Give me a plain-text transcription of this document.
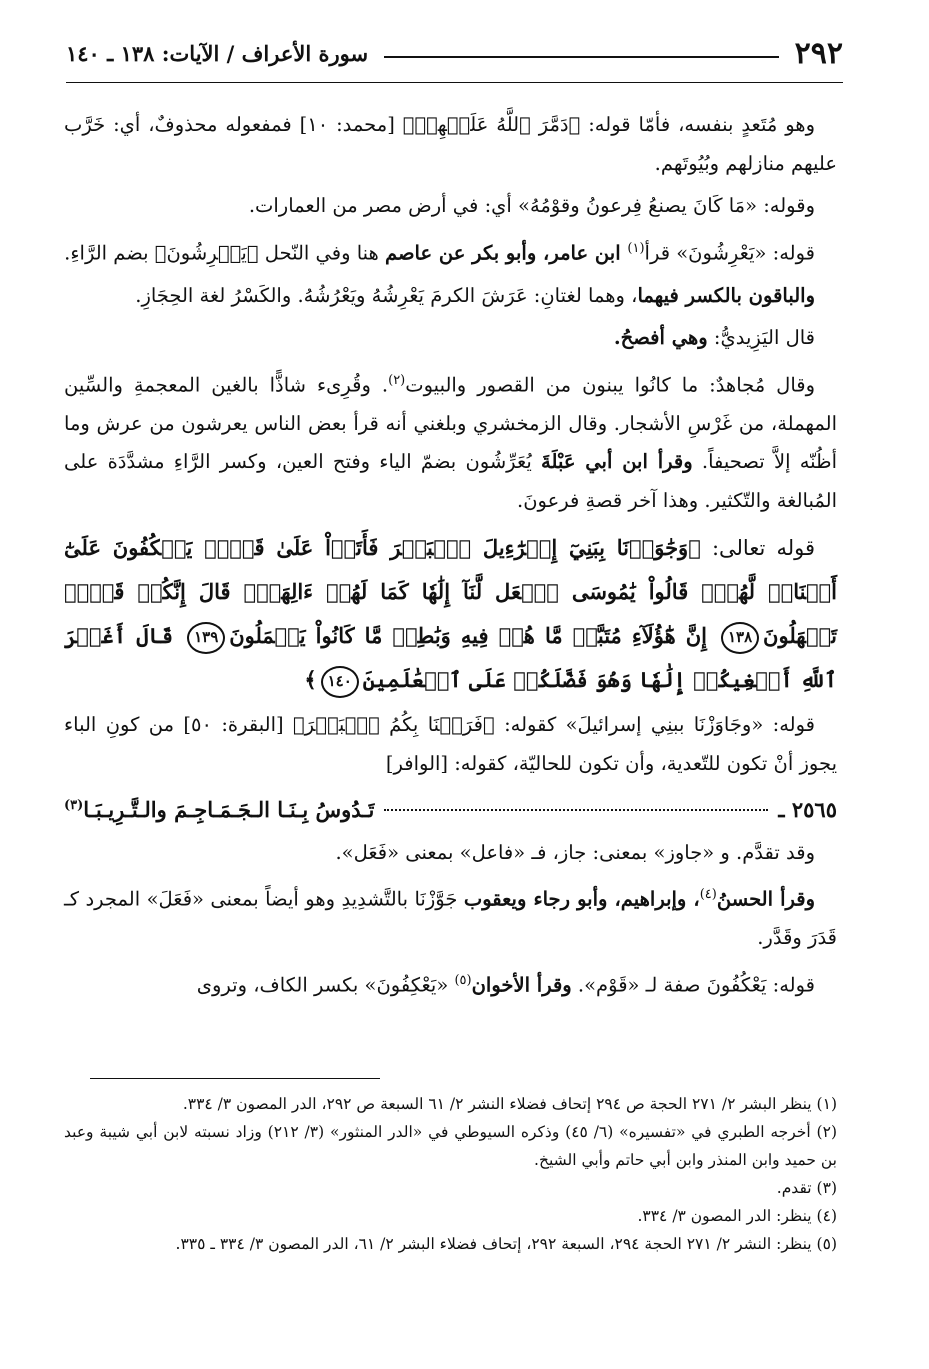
٢٩٢
سورة الأعراف / الآيات: ١٣٨ ـ ١٤٠

وهو مُتَعدٍ بنفسه، فأمّا قوله: ﴿دَمَّرَ ٱللَّهُ عَلَيۡهِمۡ﴾ [محمد: ١٠] فمفعوله محذوفٌ، أي: خَرَّب عليهم منازلهم وبُيُوتَهم.

وقوله: «مَا كَانَ يصنعُ فِرعونُ وقوْمُهُ» أي: في أرض مصر من العمارات.

قوله: «يَعْرِشُونَ» قرأ$^{(١)}$ ابن عامر، وأبو بكر عن عاصم هنا وفي النّحل ﴿يَعۡرِشُونَ﴾ بضم الرَّاءِ.

والباقون بالكسر فيهما، وهما لغتانِ: عَرَشَ الكرمَ يَعْرِشُهُ ويَعْرُشُهُ. والكَسْرُ لغة الحِجَازِ.

قال اليَزِيديُّ: وهي أفصحُ.

وقال مُجاهدٌ: ما كانُوا يبنون من القصور والبيوت$^{(٢)}$. وقُرِىء شاذًّا بالغين المعجمةِ والسِّين المهملة، من غَرْسِ الأشجار. وقال الزمخشري وبلغني أنه قرأ بعض الناس يعرشون من عرش وما أظُنّه إلاَّ تصحيفاً. وقرأ ابن أبي عَبْلَةَ يُعَرِّشُون بضمّ الياء وفتح العين، وكسر الرَّاءِ مشدَّدَة على المُبالغة والتّكثير. وهذا آخر قصةِ فرعونَ.

قوله تعالى: ﴿وَجَٰوَزۡنَا بِبَنِيٓ إِسۡرَٰٓءِيلَ ٱلۡبَحۡرَ فَأَتَوۡاْ عَلَىٰ قَوۡمٖ يَعۡكُفُونَ عَلَىٰٓ أَصۡنَامٖ لَّهُمۡۚ قَالُواْ يَٰمُوسَى ٱجۡعَل لَّنَآ إِلَٰهٗا كَمَا لَهُمۡ ءَالِهَةٞۚ قَالَ إِنَّكُمۡ قَوۡمٞ تَجۡهَلُونَ١٣٨ إِنَّ هَٰٓؤُلَآءِ مُتَبَّرٞ مَّا هُمۡ فِيهِ وَبَٰطِلٞ مَّا كَانُواْ يَعۡمَلُونَ١٣٩ قَالَ أَغَيۡرَ ٱللَّهِ أَبۡغِيكُمۡ إِلَٰهٗا وَهُوَ فَضَّلَكُمۡ عَلَى ٱلۡعَٰلَمِينَ١٤٠﴾

قوله: «وجَاوَزْنَا ببنِي إسرائيلَ» كقوله: ﴿فَرَقۡنَا بِكُمُ ٱلۡبَحۡرَ﴾ [البقرة: ٥٠] من كونِ الباء يجوز أنْ تكون للتّعدية، وأن تكون للحاليّة، كقوله: [الوافر]

٢٥٦٥ ـ
تَـدُوسُ بِـنَـا الـجَـمَـاجِـمَ والـتَّـرِيـبَـا$^{(٣)}$

وقد تقدَّم. و «جاوز» بمعنى: جاز، فـ «فاعل» بمعنى «فَعَل».

وقرأ الحسنُ$^{(٤)}$، وإبراهيم، وأبو رجاء ويعقوب جَوَّزْنَا بالتَّشدِيدِ وهو أيضاً بمعنى «فَعَلَ» المجرد كـ قَدَرَ وقَدَّر.

قوله: يَعْكُفُونَ صفة لـ «قَوْم». وقرأ الأخوان$^{(٥)}$ «يَعْكِفُونَ» بكسر الكاف، وتروى

(١) ينظر البشر ٢/ ٢٧١ الحجة ص ٢٩٤ إتحاف فضلاء النشر ٢/ ٦١ السبعة ص ٢٩٢، الدر المصون ٣/ ٣٣٤.

(٢) أخرجه الطبري في «تفسيره» (٦/ ٤٥) وذكره السيوطي في «الدر المنثور» (٣/ ٢١٢) وزاد نسبته لابن أبي شيبة وعبد بن حميد وابن المنذر وابن أبي حاتم وأبي الشيخ.

(٣) تقدم.

(٤) ينظر: الدر المصون ٣/ ٣٣٤.

(٥) ينظر: النشر ٢/ ٢٧١ الحجة ٢٩٤، السبعة ٢٩٢، إتحاف فضلاء البشر ٢/ ٦١، الدر المصون ٣/ ٣٣٤ ـ ٣٣٥.
